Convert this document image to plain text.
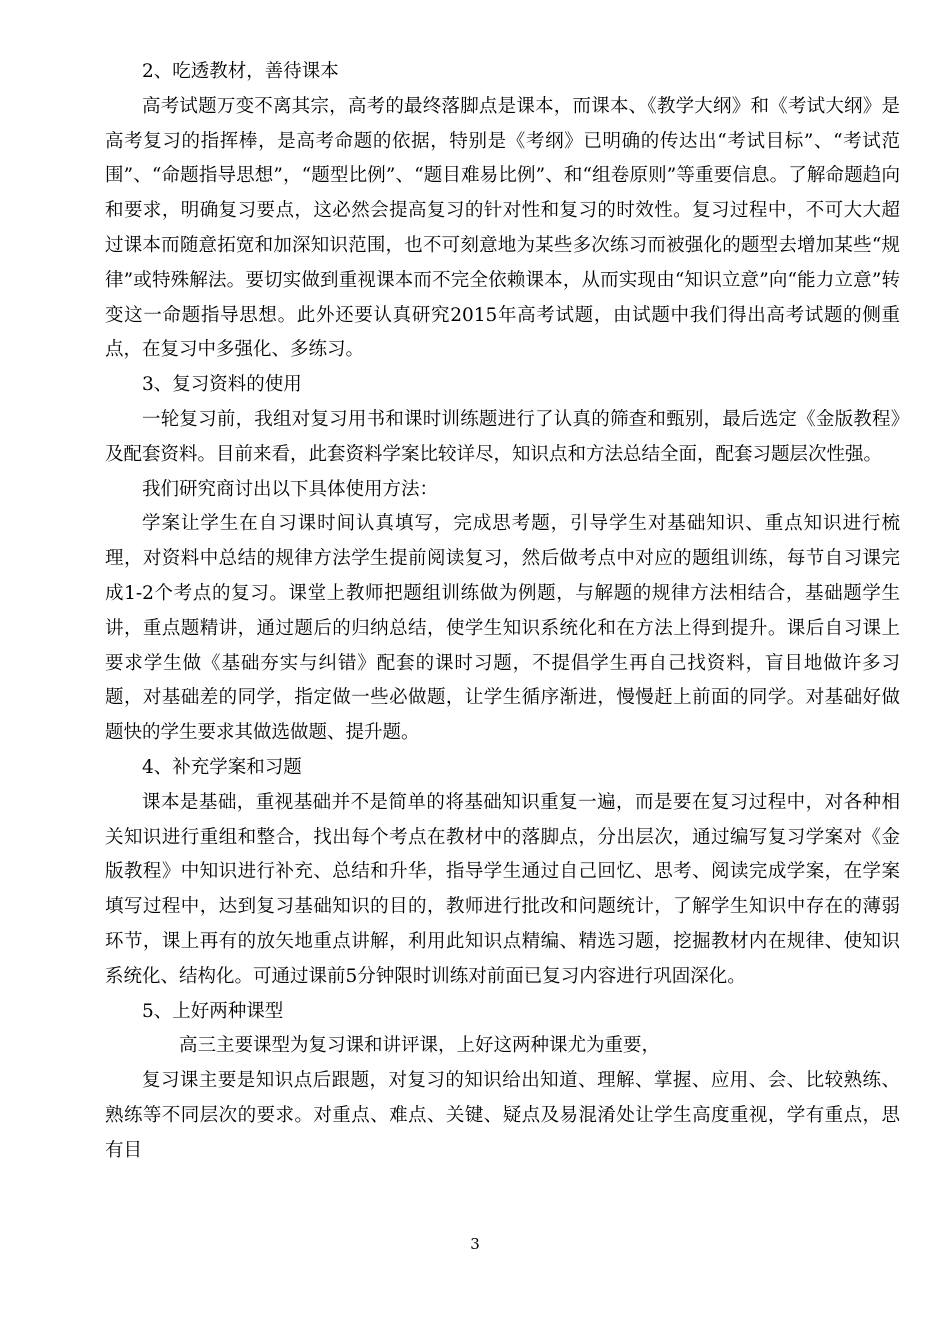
2、吃透教材，善待课本

高考试题万变不离其宗，高考的最终落脚点是课本，而课本、《教学大纲》和《考试大纲》是高考复习的指挥棒，是高考命题的依据，特别是《考纲》已明确的传达出“考试目标”、“考试范围”、“命题指导思想”，“题型比例”、“题目难易比例”、和“组卷原则”等重要信息。了解命题趋向和要求，明确复习要点，这必然会提高复习的针对性和复习的时效性。复习过程中，不可大大超过课本而随意拓宽和加深知识范围，也不可刻意地为某些多次练习而被强化的题型去增加某些“规律”或特殊解法。要切实做到重视课本而不完全依赖课本，从而实现由“知识立意”向“能力立意”转变这一命题指导思想。此外还要认真研究2015年高考试题，由试题中我们得出高考试题的侧重点，在复习中多强化、多练习。

3、复习资料的使用

一轮复习前，我组对复习用书和课时训练题进行了认真的筛查和甄别，最后选定《金版教程》及配套资料。目前来看，此套资料学案比较详尽，知识点和方法总结全面，配套习题层次性强。

我们研究商讨出以下具体使用方法：

学案让学生在自习课时间认真填写，完成思考题，引导学生对基础知识、重点知识进行梳理，对资料中总结的规律方法学生提前阅读复习，然后做考点中对应的题组训练，每节自习课完成1-2个考点的复习。课堂上教师把题组训练做为例题，与解题的规律方法相结合，基础题学生讲，重点题精讲，通过题后的归纳总结，使学生知识系统化和在方法上得到提升。课后自习课上要求学生做《基础夯实与纠错》配套的课时习题，不提倡学生再自己找资料，盲目地做许多习题，对基础差的同学，指定做一些必做题，让学生循序渐进，慢慢赶上前面的同学。对基础好做题快的学生要求其做选做题、提升题。

4、补充学案和习题

课本是基础，重视基础并不是简单的将基础知识重复一遍，而是要在复习过程中，对各种相关知识进行重组和整合，找出每个考点在教材中的落脚点，分出层次，通过编写复习学案对《金版教程》中知识进行补充、总结和升华，指导学生通过自己回忆、思考、阅读完成学案，在学案填写过程中，达到复习基础知识的目的，教师进行批改和问题统计，了解学生知识中存在的薄弱环节，课上再有的放矢地重点讲解，利用此知识点精编、精选习题，挖掘教材内在规律、使知识系统化、结构化。可通过课前5分钟限时训练对前面已复习内容进行巩固深化。

5、上好两种课型

高三主要课型为复习课和讲评课，上好这两种课尤为重要，

复习课主要是知识点后跟题，对复习的知识给出知道、理解、掌握、应用、会、比较熟练、熟练等不同层次的要求。对重点、难点、关键、疑点及易混淆处让学生高度重视，学有重点，思有目

3
